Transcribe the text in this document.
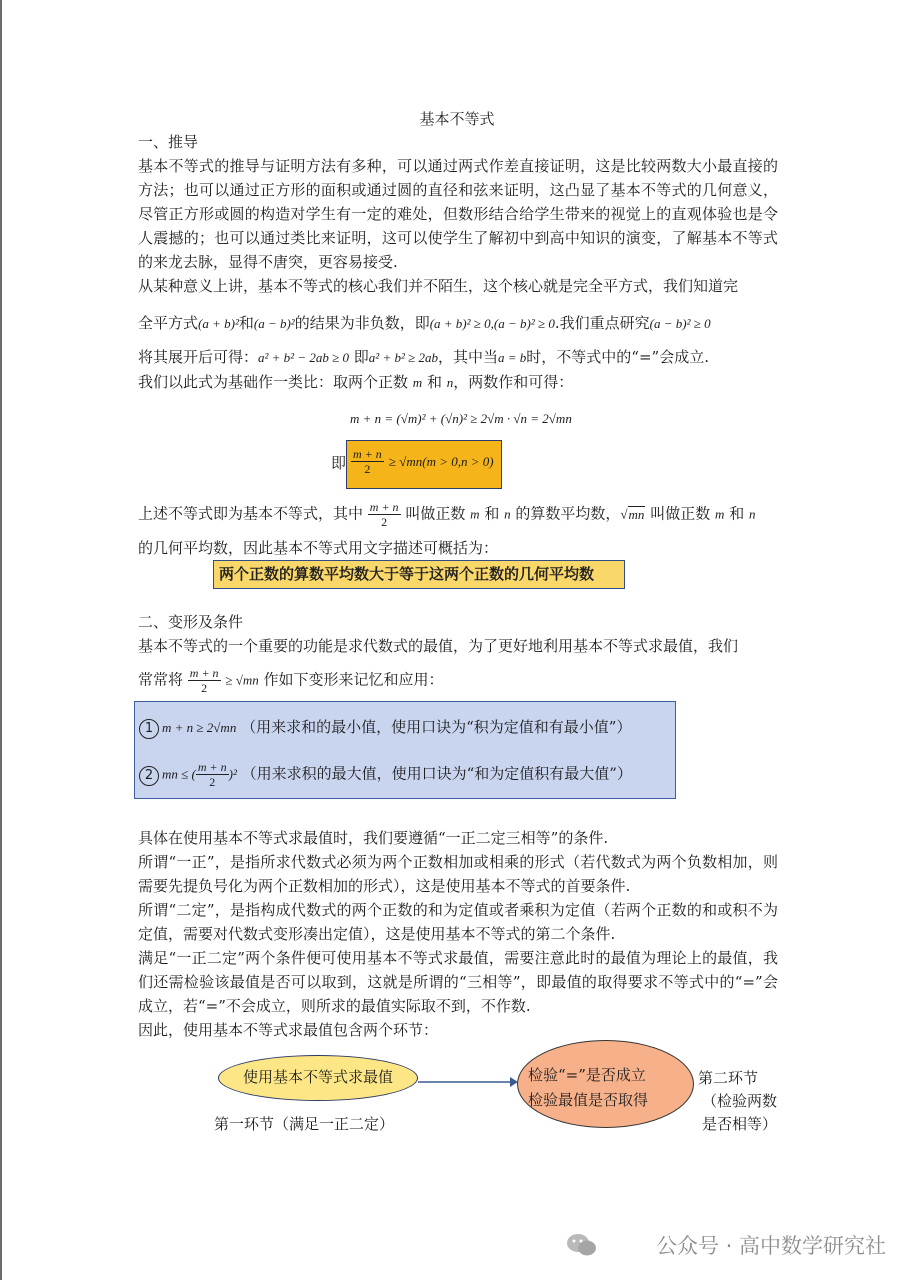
基本不等式
一、推导
基本不等式的推导与证明方法有多种，可以通过两式作差直接证明，这是比较两数大小最直接的方法；也可以通过正方形的面积或通过圆的直径和弦来证明，这凸显了基本不等式的几何意义，尽管正方形或圆的构造对学生有一定的难处，但数形结合给学生带来的视觉上的直观体验也是令人震撼的；也可以通过类比来证明，这可以使学生了解初中到高中知识的演变，了解基本不等式的来龙去脉，显得不唐突，更容易接受.
从某种意义上讲，基本不等式的核心我们并不陌生，这个核心就是完全平方式，我们知道完
全平方式(a + b)²和(a − b)²的结果为非负数，即(a + b)² ≥ 0,(a − b)² ≥ 0.我们重点研究(a − b)² ≥ 0
将其展开后可得：a² + b² − 2ab ≥ 0 即a² + b² ≥ 2ab，其中当a = b时，不等式中的“=”会成立.
我们以此式为基础作一类比：取两个正数 m 和 n，两数作和可得：
m + n = (√m)² + (√n)² ≥ 2√m · √n = 2√mn
即 $\frac{m + n}{2} \ge √mn(m > 0,n > 0)$
上述不等式即为基本不等式，其中 $\frac{m + n}{2}$ 叫做正数 m 和 n 的算数平均数，√mn 叫做正数 m 和 n
的几何平均数，因此基本不等式用文字描述可概括为：
两个正数的算数平均数大于等于这两个正数的几何平均数
二、变形及条件
基本不等式的一个重要的功能是求代数式的最值，为了更好地利用基本不等式求最值，我们
常常将 $\frac{m + n}{2} \ge √mn$ 作如下变形来记忆和应用：
1 m + n ≥ 2√mn （用来求和的最小值，使用口诀为“积为定值和有最小值”）
2 mn ≤ ( $\frac{m + n}{2} )^2$ （用来求积的最大值，使用口诀为“和为定值积有最大值”）
具体在使用基本不等式求最值时，我们要遵循“一正二定三相等”的条件.
所谓“一正”，是指所求代数式必须为两个正数相加或相乘的形式（若代数式为两个负数相加，则需要先提负号化为两个正数相加的形式），这是使用基本不等式的首要条件.
所谓“二定”，是指构成代数式的两个正数的和为定值或者乘积为定值（若两个正数的和或积不为定值，需要对代数式变形凑出定值），这是使用基本不等式的第二个条件.
满足“一正二定”两个条件便可使用基本不等式求最值，需要注意此时的最值为理论上的最值，我们还需检验该最值是否可以取到，这就是所谓的“三相等”，即最值的取得要求不等式中的“=”会成立，若“=”不会成立，则所求的最值实际取不到，不作数.
因此，使用基本不等式求最值包含两个环节：
使用基本不等式求最值	检验“=”是否成立
检验最值是否取得
第一环节（满足一正二定）
第二环节
（检验两数
是否相等）
公众号 · 高中数学研究社
